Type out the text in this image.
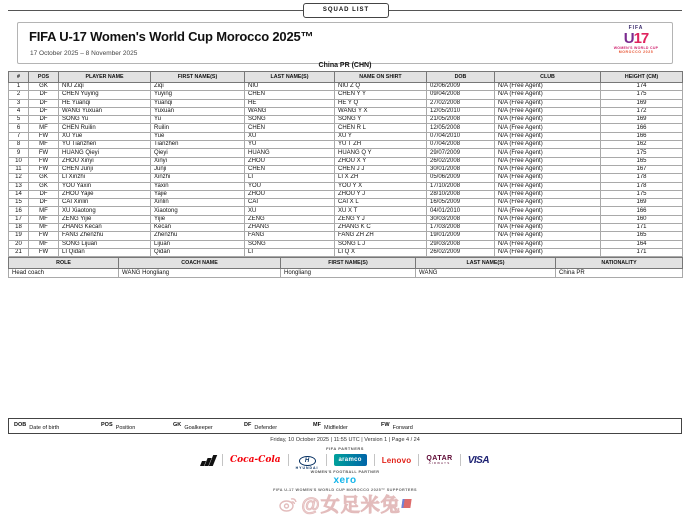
SQUAD LIST
FIFA U-17 Women's World Cup Morocco 2025™
17 October 2025 – 8 November 2025
FIFA
U17
WOMEN'S WORLD CUP
MOROCCO 2025
China PR (CHN)
#	POS	PLAYER NAME	FIRST NAME(S)	LAST NAME(S)	NAME ON SHIRT	DOB	CLUB	HEIGHT (CM)
1	GK	NIU Ziqi	Ziqi	NIU	NIU Z Q	02/06/2009	N/A (Free Agent)	174
2	DF	CHEN Yuying	Yuying	CHEN	CHEN Y Y	09/04/2008	N/A (Free Agent)	175
3	DF	HE Yuanqi	Yuanqi	HE	HE Y Q	27/02/2008	N/A (Free Agent)	169
4	DF	WANG Yuxuan	Yuxuan	WANG	WANG Y X	12/05/2010	N/A (Free Agent)	172
5	DF	SONG Yu	Yu	SONG	SONG Y	21/05/2008	N/A (Free Agent)	169
6	MF	CHEN Ruilin	Ruilin	CHEN	CHEN R L	12/05/2008	N/A (Free Agent)	166
7	FW	XU Yue	Yue	XU	XU Y	07/04/2010	N/A (Free Agent)	166
8	MF	YU Tianzhen	Tianzhen	YU	YU T ZH	07/04/2008	N/A (Free Agent)	162
9	FW	HUANG Qieyi	Qieyi	HUANG	HUANG Q Y	29/07/2009	N/A (Free Agent)	175
10	FW	ZHOU Xinyi	Xinyi	ZHOU	ZHOU X Y	26/02/2008	N/A (Free Agent)	165
11	FW	CHEN Junji	Junji	CHEN	CHEN J J	30/01/2008	N/A (Free Agent)	167
12	GK	LI Xinzhi	Xinzhi	LI	LI X ZH	05/06/2009	N/A (Free Agent)	178
13	GK	YOU Yaxin	Yaxin	YOU	YOU Y X	17/10/2008	N/A (Free Agent)	178
14	DF	ZHOU Yajie	Yajie	ZHOU	ZHOU Y J	28/10/2008	N/A (Free Agent)	175
15	DF	CAI Xinlin	Xinlin	CAI	CAI X L	16/05/2009	N/A (Free Agent)	169
16	MF	XU Xiaotong	Xiaotong	XU	XU X T	04/01/2010	N/A (Free Agent)	166
17	MF	ZENG Yijie	Yijie	ZENG	ZENG Y J	30/03/2008	N/A (Free Agent)	160
18	MF	ZHANG Kecan	Kecan	ZHANG	ZHANG K C	17/03/2008	N/A (Free Agent)	171
19	FW	FANG Zhenzhu	Zhenzhu	FANG	FANG ZH ZH	19/01/2009	N/A (Free Agent)	165
20	MF	SONG Lijuan	Lijuan	SONG	SONG L J	29/03/2008	N/A (Free Agent)	164
21	FW	LI Qidan	Qidan	LI	LI Q X	26/02/2009	N/A (Free Agent)	171
ROLE	COACH NAME	FIRST NAME(S)	LAST NAME(S)	NATIONALITY
Head coach	WANG Hongliang	Hongliang	WANG	China PR
DOB Date of birth	POS Position	GK Goalkeeper	DF Defender	MF Midfielder	FW Forward
Friday, 10 October 2025 | 11:55 UTC | Version 1 | Page 4 / 24
FIFA PARTNERS
Coca-Cola	H
HYUNDAI
aramco	Lenovo QATAR
AIRWAYS VISA
WOMEN'S FOOTBALL PARTNER
xero
FIFA U-17 WOMEN'S WORLD CUP MOROCCO 2025™ SUPPORTERS
@女足米兔
